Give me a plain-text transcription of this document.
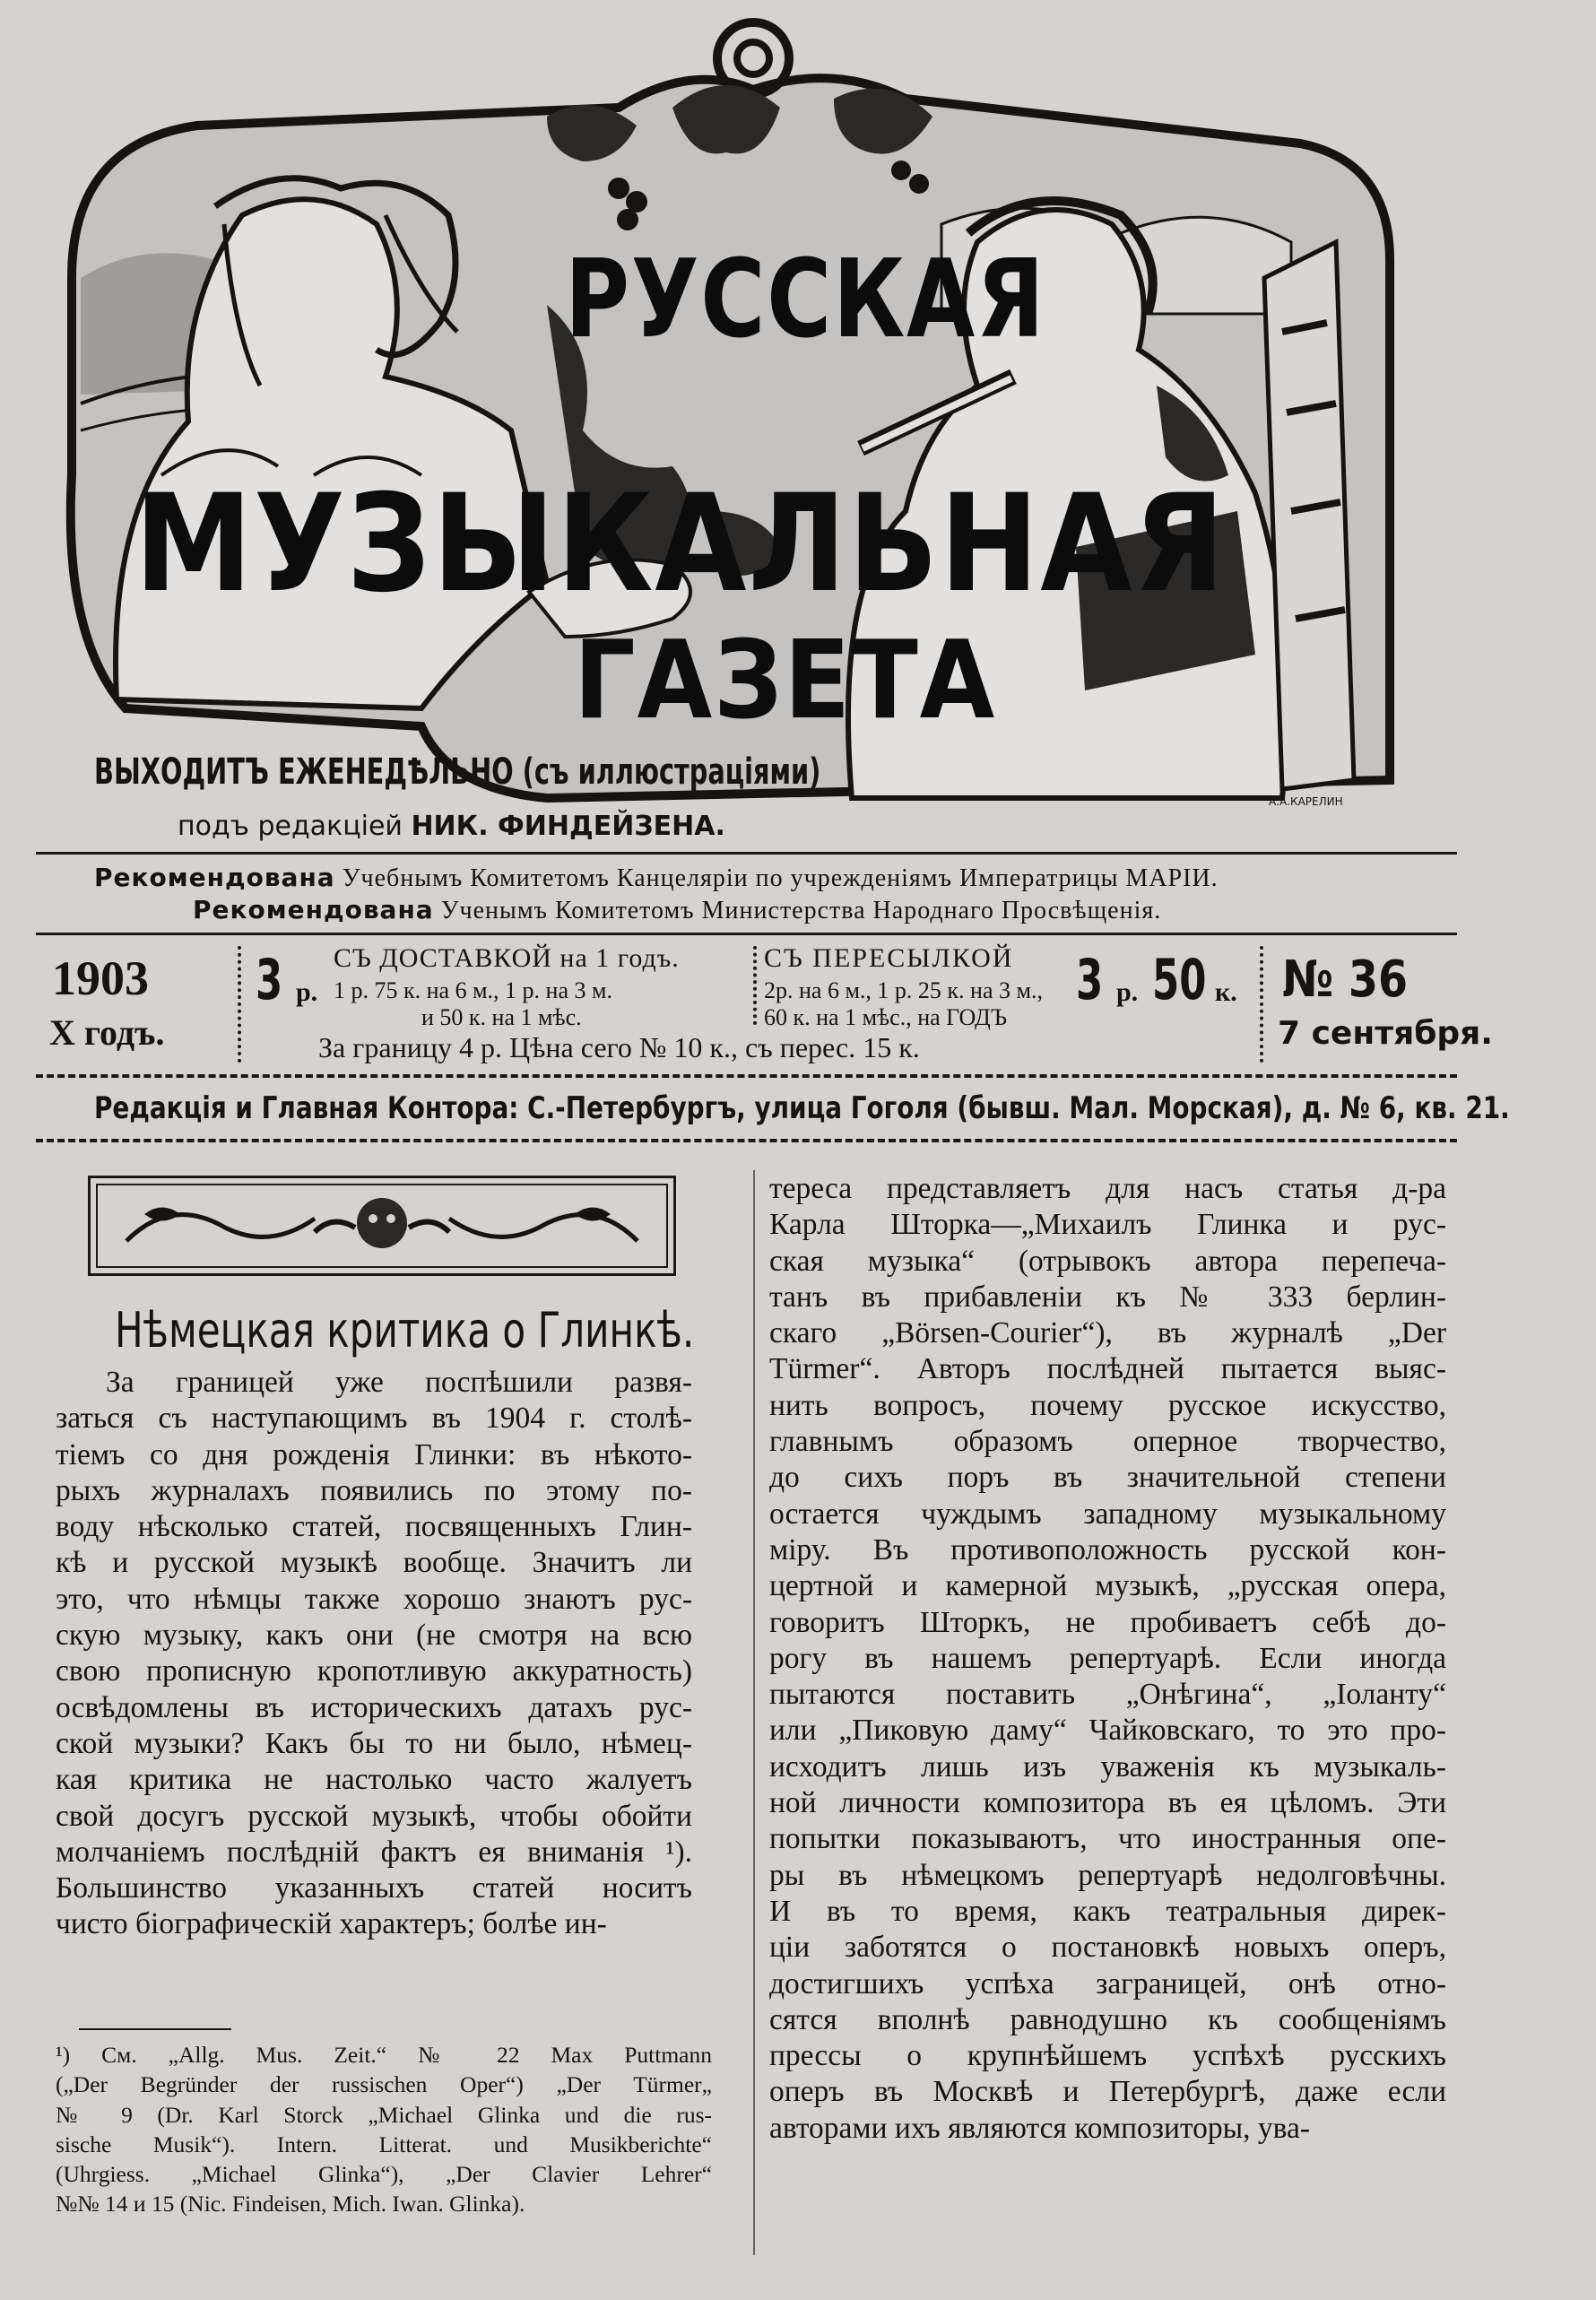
А.А.КАРЕЛИН
РУССКАЯ
МУЗЫКАЛЬНАЯ
ГАЗЕТА
ВЫХОДИТЪ ЕЖЕНЕДѢЛЬНО (съ иллюстраціями)
подъ редакціей НИК. ФИНДЕЙЗЕНА.
Рекомендована Учебнымъ Комитетомъ Канцеляріи по учрежденіямъ Императрицы МАРІИ.
Рекомендована Ученымъ Комитетомъ Министерства Народнаго Просвѣщенія.
1903
X годъ.
3 р.
СЪ ДОСТАВКОЙ на 1 годъ.
1 р. 75 к. на 6 м., 1 р. на 3 м.
и 50 к. на 1 мѣс.
СЪ ПЕРЕСЫЛКОЙ
2р. на 6 м., 1 р. 25 к. на 3 м.,
60 к. на 1 мѣс., на ГОДЪ
3 р. 50 к. № 36
7 сентября.
За границу 4 р. Цѣна сего № 10 к., съ перес. 15 к.
Редакція и Главная Контора: С.-Петербургъ, улица Гоголя (бывш. Мал. Морская), д. № 6, кв. 21.
Нѣмецкая критика о Глинкѣ.

За границей уже поспѣшили развя-

заться съ наступающимъ въ 1904 г. столѣ-

тіемъ со дня рожденія Глинки: въ нѣкото-

рыхъ журналахъ появились по этому по-

воду нѣсколько статей, посвященныхъ Глин-

кѣ и русской музыкѣ вообще. Значитъ ли

это, что нѣмцы также хорошо знаютъ рус-

скую музыку, какъ они (не смотря на всю

свою прописную кропотливую аккуратность)

освѣдомлены въ историческихъ датахъ рус-

ской музыки? Какъ бы то ни было, нѣмец-

кая критика не настолько часто жалуетъ

свой досугъ русской музыкѣ, чтобы обойти

молчаніемъ послѣдній фактъ ея вниманія ¹).

Большинство указанныхъ статей носитъ

чисто біографическій характеръ; болѣе ин-

¹) См. „Allg. Mus. Zeit.“ № 22 Max Puttmann

(„Der Begründer der russischen Oper“) „Der Türmer„

№ 9 (Dr. Karl Storck „Michael Glinka und die rus-

sische Musik“). Intern. Litterat. und Musikberichte“

(Uhrgiess. „Michael Glinka“), „Der Clavier Lehrer“

№№ 14 и 15 (Nic. Findeisen, Mich. Iwan. Glinka).

тереса представляетъ для насъ статья д-ра

Карла Шторка—„Михаилъ Глинка и рус-

ская музыка“ (отрывокъ автора перепеча-

танъ въ прибавленіи къ № 333 берлин-

скаго „Börsen-Courier“), въ журналѣ „Der

Türmer“. Авторъ послѣдней пытается выяс-

нить вопросъ, почему русское искусство,

главнымъ образомъ оперное творчество,

до сихъ поръ въ значительной степени

остается чуждымъ западному музыкальному

міру. Въ противоположность русской кон-

цертной и камерной музыкѣ, „русская опера,

говоритъ Шторкъ, не пробиваетъ себѣ до-

рогу въ нашемъ репертуарѣ. Если иногда

пытаются поставить „Онѣгина“, „Іоланту“

или „Пиковую даму“ Чайковскаго, то это про-

исходитъ лишь изъ уваженія къ музыкаль-

ной личности композитора въ ея цѣломъ. Эти

попытки показываютъ, что иностранныя опе-

ры въ нѣмецкомъ репертуарѣ недолговѣчны.

И въ то время, какъ театральныя дирек-

ціи заботятся о постановкѣ новыхъ оперъ,

достигшихъ успѣха заграницей, онѣ отно-

сятся вполнѣ равнодушно къ сообщеніямъ

прессы о крупнѣйшемъ успѣхѣ русскихъ

оперъ въ Москвѣ и Петербургѣ, даже если

авторами ихъ являются композиторы, ува-
